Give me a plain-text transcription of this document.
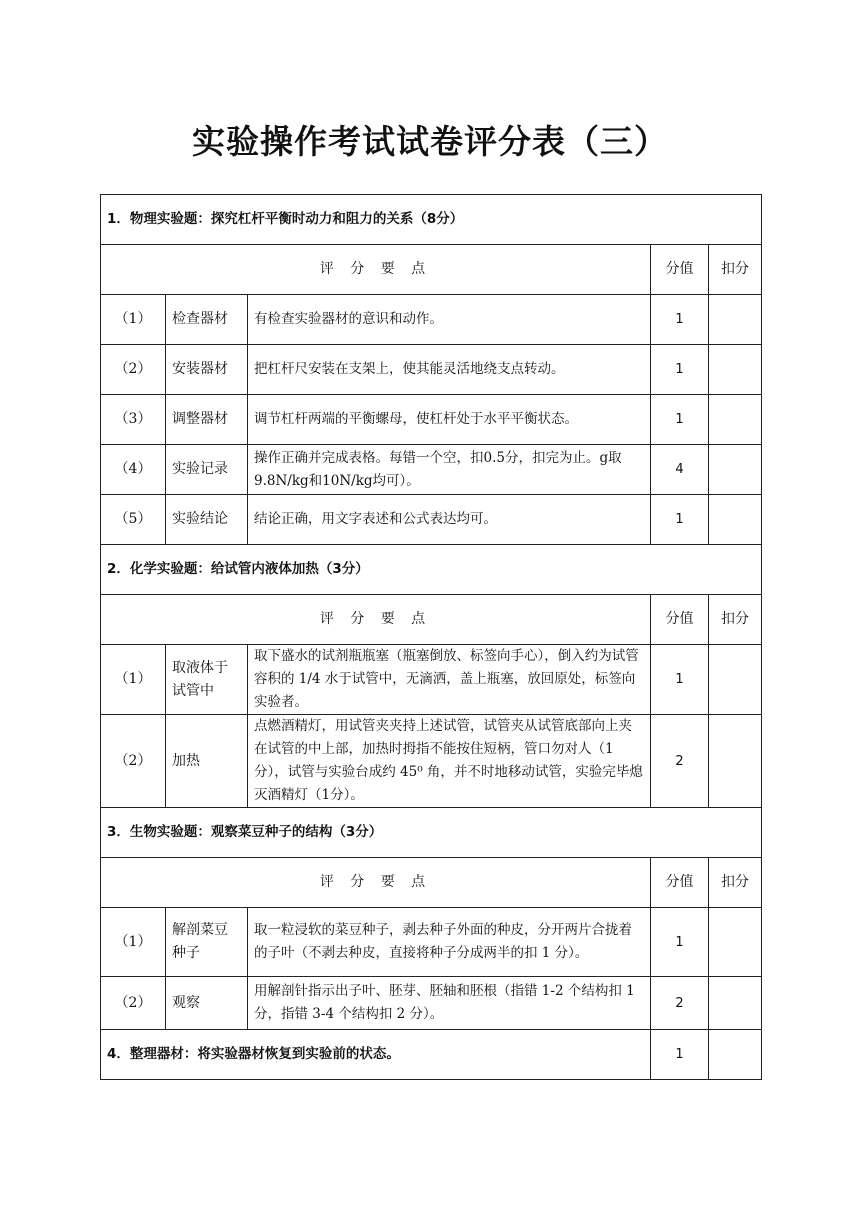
实验操作考试试卷评分表（三）
1．物理实验题：探究杠杆平衡时动力和阻力的关系（8分）				
评 分 要 点			分值	扣分
（1）	检查器材	有检查实验器材的意识和动作。	1	
（2）	安装器材	把杠杆尺安装在支架上，使其能灵活地绕支点转动。	1	
（3）	调整器材	调节杠杆两端的平衡螺母，使杠杆处于水平平衡状态。	1	
（4）	实验记录	操作正确并完成表格。每错一个空，扣0.5分，扣完为止。g取9.8N/kg和10N/kg均可）。	4	
（5）	实验结论	结论正确，用文字表述和公式表达均可。	1	
2．化学实验题：给试管内液体加热（3分）				
评 分 要 点			分值	扣分
（1）	取液体于试管中	取下盛水的试剂瓶瓶塞（瓶塞倒放、标签向手心），倒入约为试管容积的 1/4 水于试管中，无滴洒，盖上瓶塞，放回原处，标签向实验者。	1	
（2）	加热	点燃酒精灯，用试管夹夹持上述试管，试管夹从试管底部向上夹在试管的中上部，加热时拇指不能按住短柄，管口勿对人（1分），试管与实验台成约 45⁰ 角，并不时地移动试管，实验完毕熄灭酒精灯（1分）。	2	
3．生物实验题：观察菜豆种子的结构（3分）				
评 分 要 点			分值	扣分
（1）	解剖菜豆种子	取一粒浸软的菜豆种子，剥去种子外面的种皮，分开两片合拢着的子叶（不剥去种皮，直接将种子分成两半的扣 1 分）。	1	
（2）	观察	用解剖针指示出子叶、胚芽、胚轴和胚根（指错 1-2 个结构扣 1 分，指错 3-4 个结构扣 2 分）。	2	
4．整理器材：将实验器材恢复到实验前的状态。			1	
